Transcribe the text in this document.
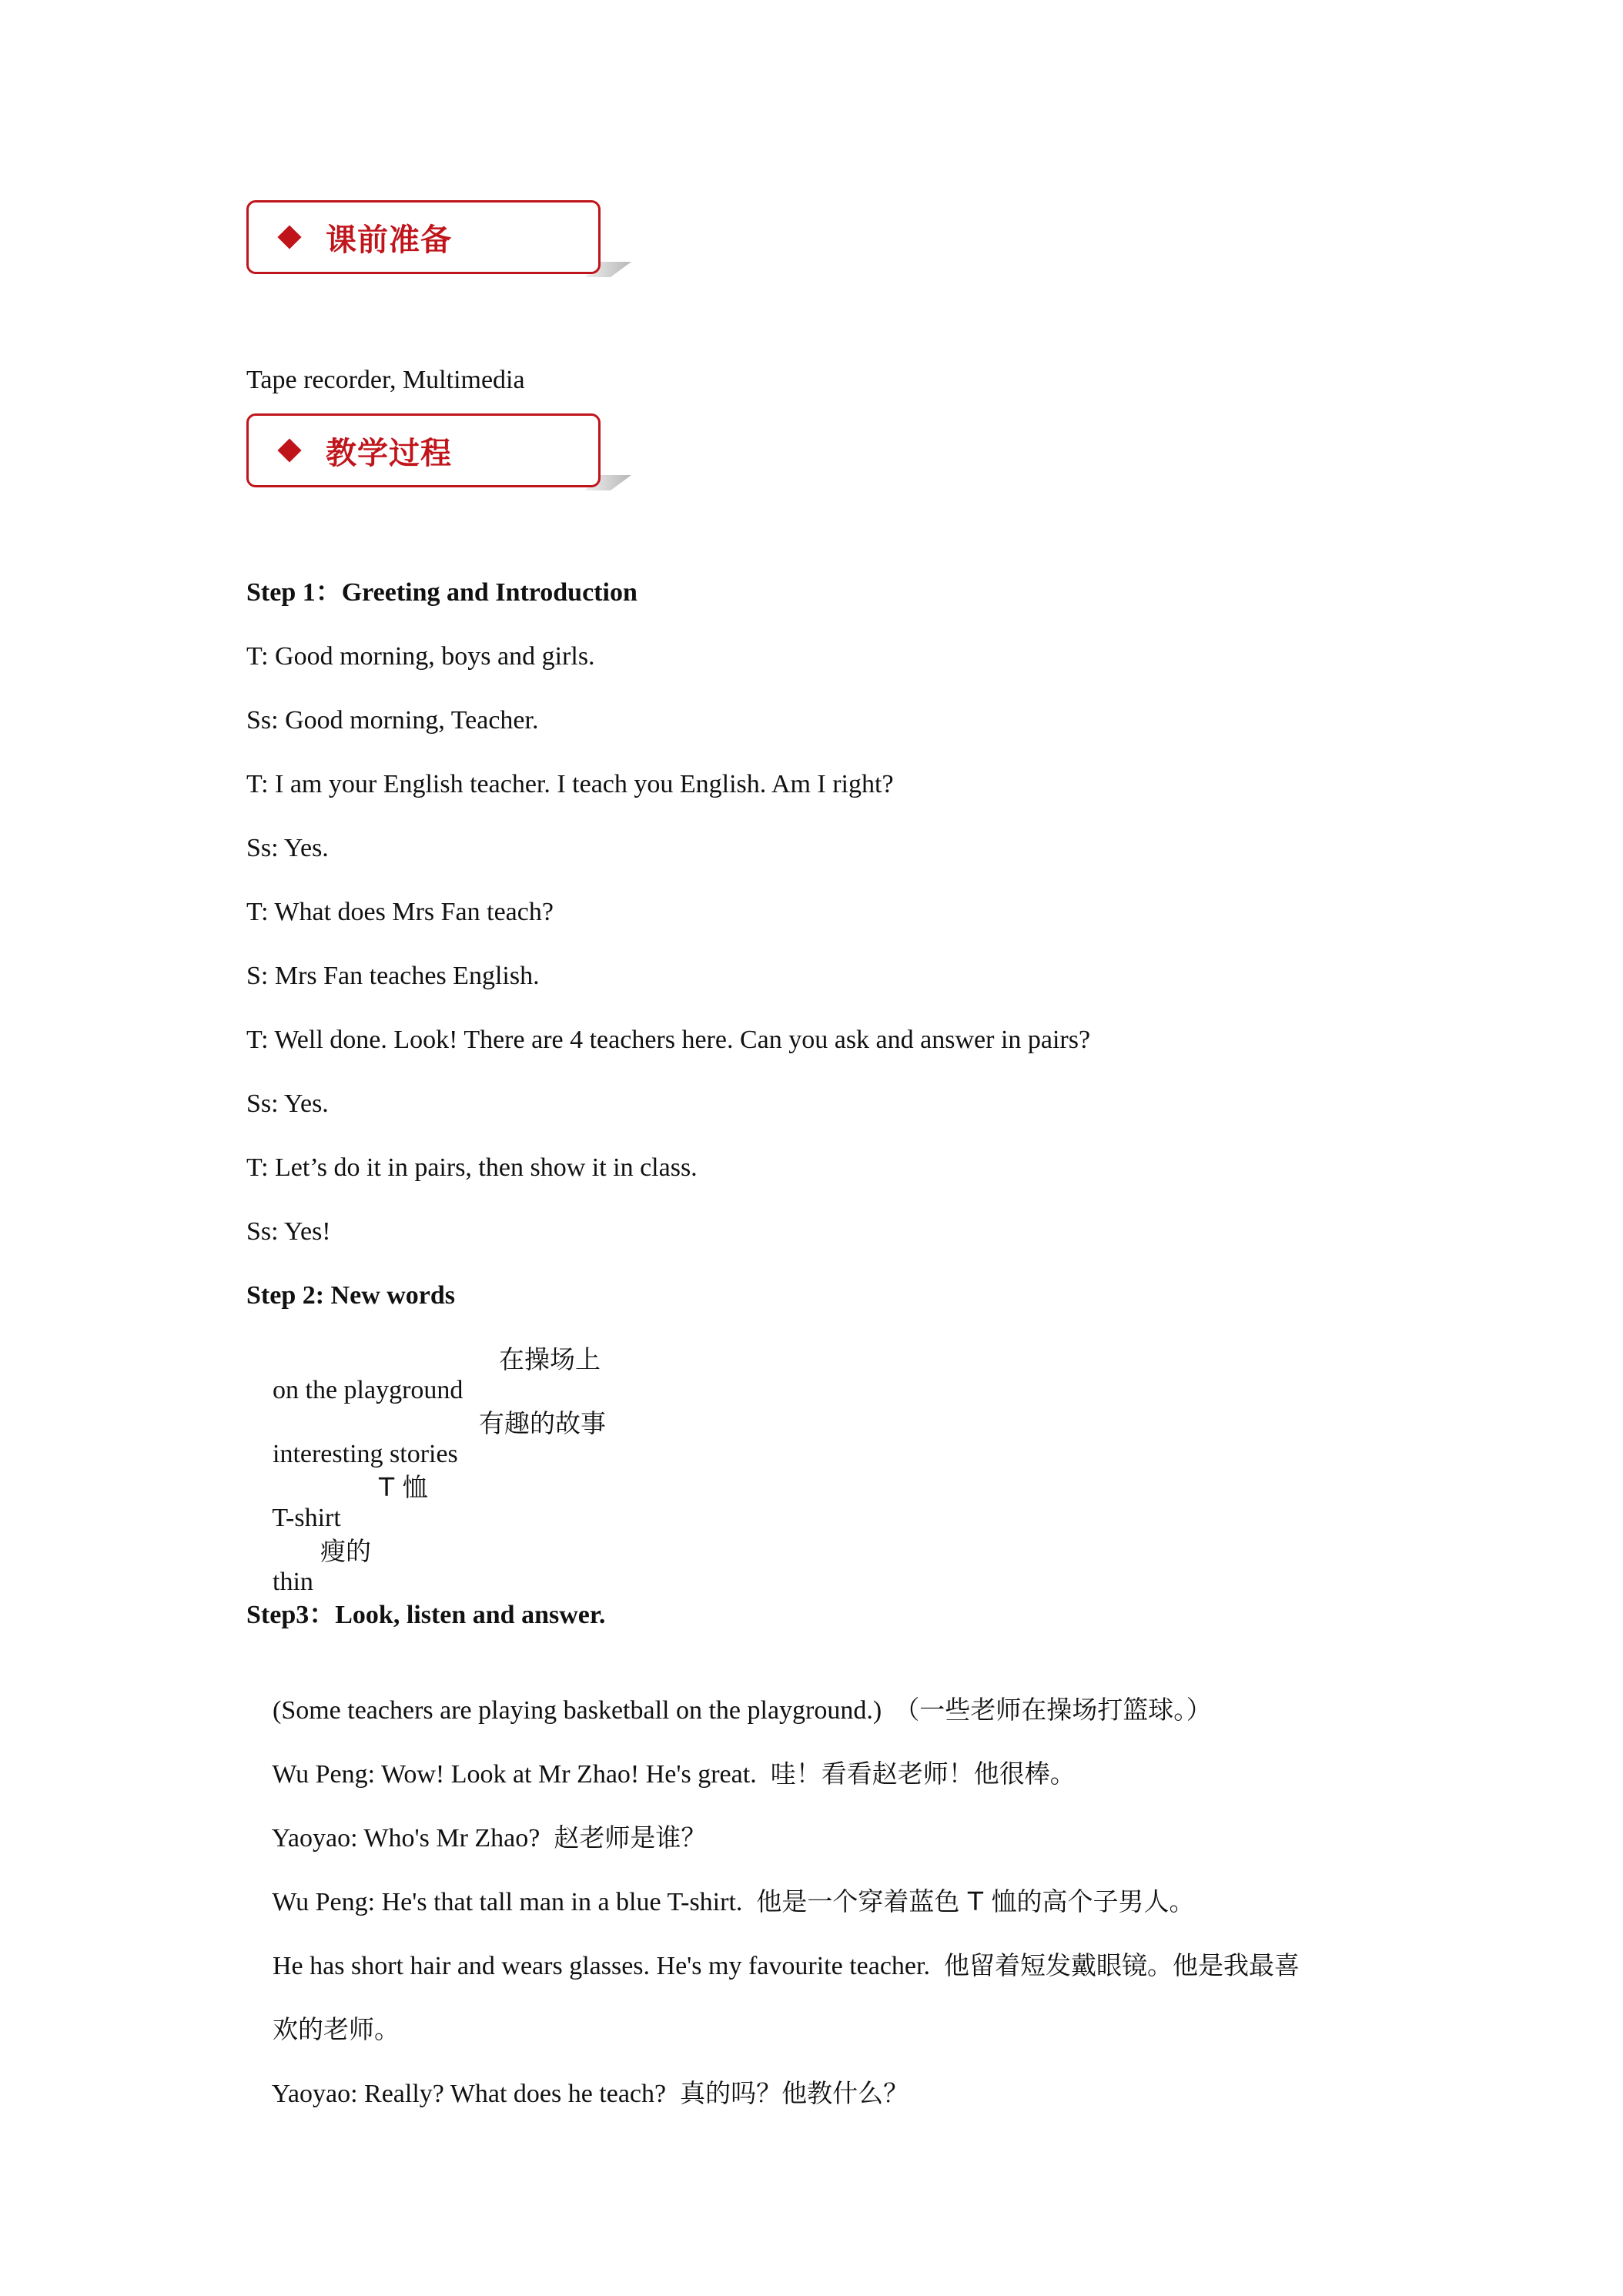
课前准备
Tape recorder, Multimedia
教学过程
Step 1：Greeting and Introduction
T: Good morning, boys and girls.
Ss: Good morning, Teacher.
T: I am your English teacher. I teach you English. Am I right?
Ss: Yes.
T: What does Mrs Fan teach?
S: Mrs Fan teaches English.
T: Well done. Look! There are 4 teachers here. Can you ask and answer in pairs?
Ss: Yes.
T: Let’s do it in pairs, then show it in class.
Ss: Yes!
Step 2: New words

on the playground

在操场上

interesting stories

有趣的故事

T-shirt

T 恤

thin

瘦的

Step3：Look, listen and answer.

(Some teachers are playing basketball on the playground.) （一些老师在操场打篮球。）

Wu Peng: Wow! Look at Mr Zhao! He's great. 哇！看看赵老师！他很棒。

Yaoyao: Who's Mr Zhao? 赵老师是谁？

Wu Peng: He's that tall man in a blue T-shirt. 他是一个穿着蓝色 T 恤的高个子男人。

He has short hair and wears glasses. He's my favourite teacher. 他留着短发戴眼镜。他是我最喜

欢的老师。

Yaoyao: Really? What does he teach? 真的吗？他教什么？
